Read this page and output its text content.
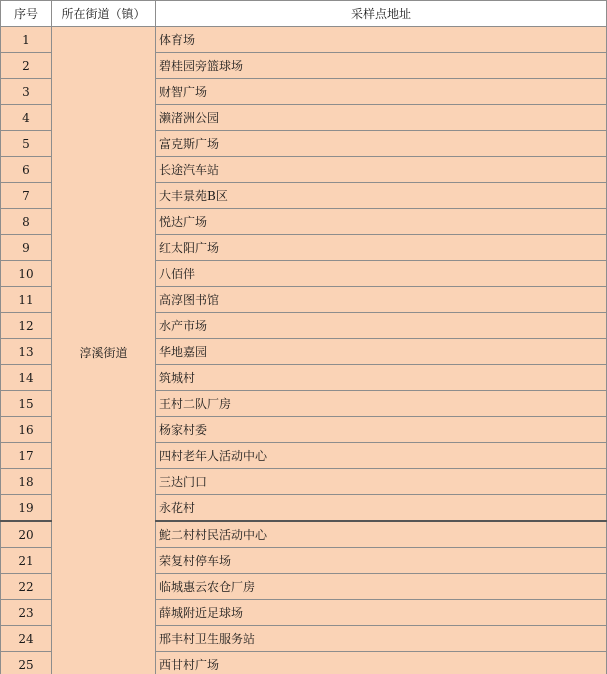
序号	所在街道（镇）	采样点地址
1	淳溪街道	体育场
2		碧桂园旁篮球场
3		财智广场
4		濑渚洲公园
5		富克斯广场
6		长途汽车站
7		大丰景苑B区
8		悦达广场
9		红太阳广场
10		八佰伴
11		高淳图书馆
12		水产市场
13		华地嘉园
14		筑城村
15		王村二队厂房
16		杨家村委
17		四村老年人活动中心
18		三达门口
19		永花村
20		鮀二村村民活动中心
21		荣复村停车场
22		临城惠云农仓厂房
23		薛城附近足球场
24		邢丰村卫生服务站
25		西甘村广场
